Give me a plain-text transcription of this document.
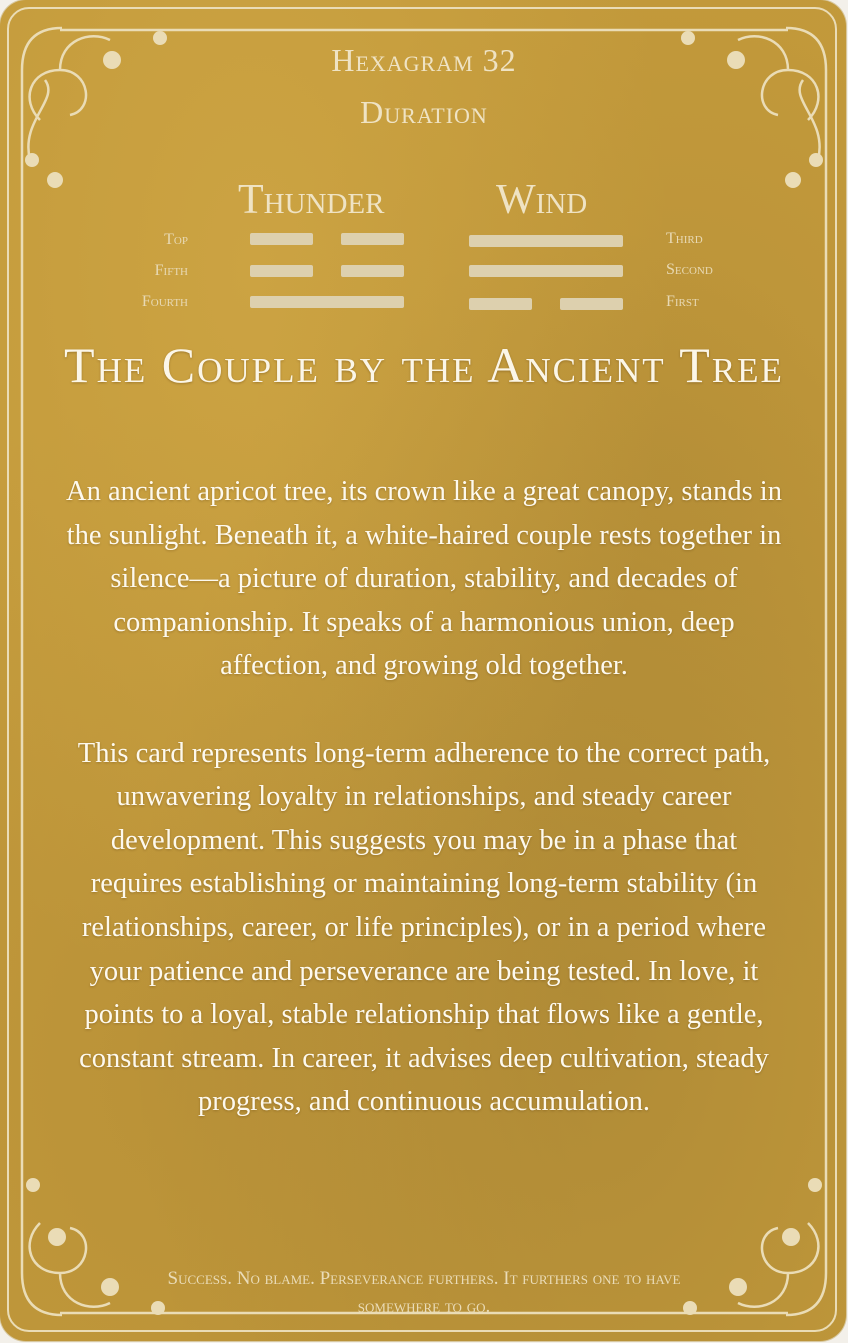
Hexagram 32
Duration
Thunder	Wind
Top
Fifth
Fourth
Third
Second
First
The Couple by the Ancient Tree

An ancient apricot tree, its crown like a great canopy, stands in the sunlight. Beneath it, a white-haired couple rests together in silence—a picture of duration, stability, and decades of companionship. It speaks of a harmonious union, deep affection, and growing old together.

This card represents long-term adherence to the correct path, unwavering loyalty in relationships, and steady career development. This suggests you may be in a phase that requires establishing or maintaining long-term stability (in relationships, career, or life principles), or in a period where your patience and perseverance are being tested. In love, it points to a loyal, stable relationship that flows like a gentle, constant stream. In career, it advises deep cultivation, steady progress, and continuous accumulation.

Success. No blame. Perseverance furthers. It furthers one to have somewhere to go.
